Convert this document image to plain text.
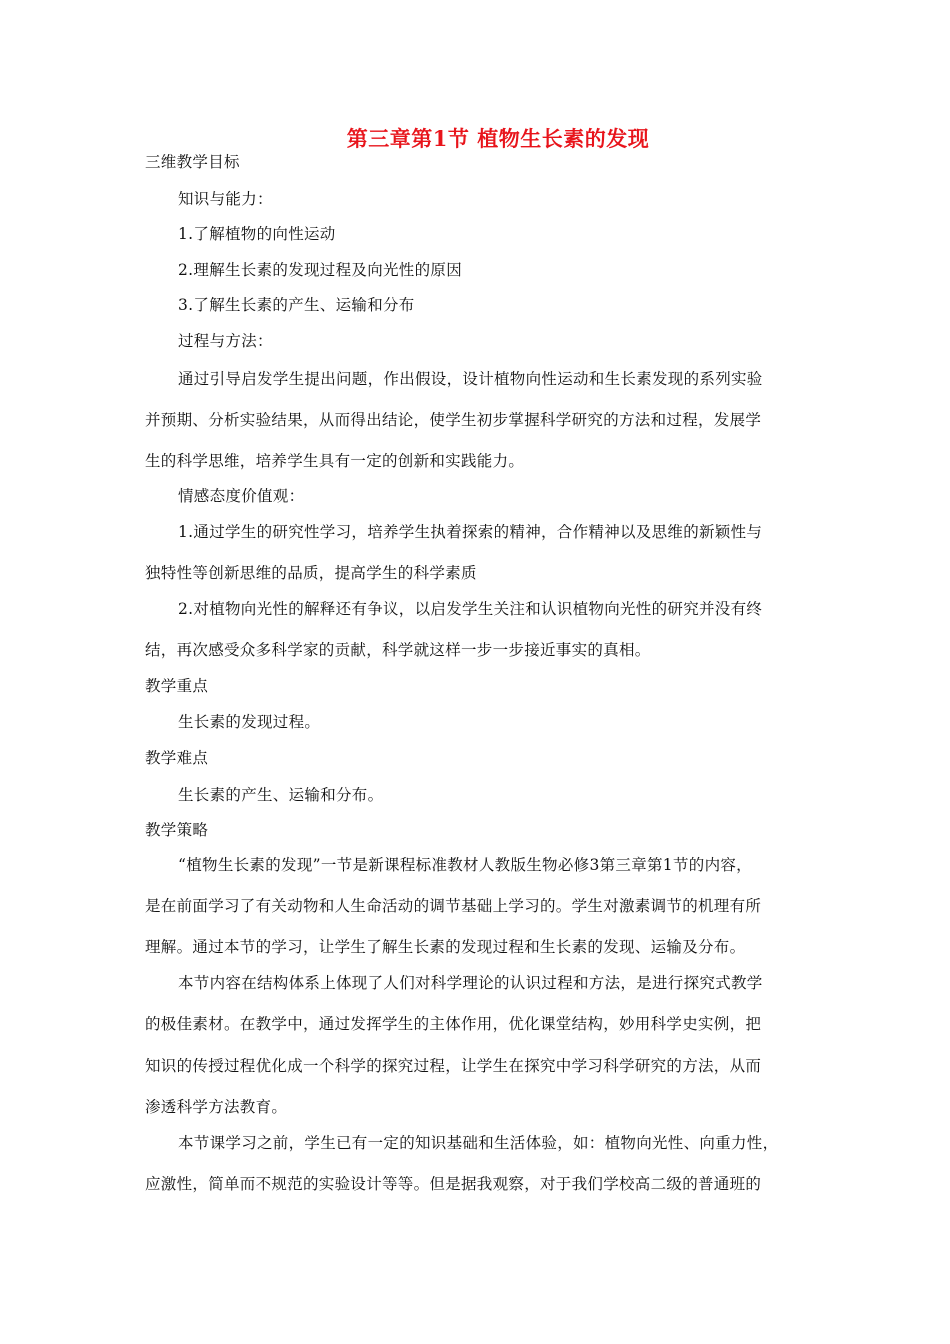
第三章第1节 植物生长素的发现
三维教学目标
知识与能力：
1.了解植物的向性运动
2.理解生长素的发现过程及向光性的原因
3.了解生长素的产生、运输和分布
过程与方法：
通过引导启发学生提出问题，作出假设，设计植物向性运动和生长素发现的系列实验
并预期、分析实验结果，从而得出结论，使学生初步掌握科学研究的方法和过程，发展学
生的科学思维，培养学生具有一定的创新和实践能力。
情感态度价值观：
1.通过学生的研究性学习，培养学生执着探索的精神，合作精神以及思维的新颖性与
独特性等创新思维的品质，提高学生的科学素质
2.对植物向光性的解释还有争议，以启发学生关注和认识植物向光性的研究并没有终
结，再次感受众多科学家的贡献，科学就这样一步一步接近事实的真相。
教学重点
生长素的发现过程。
教学难点
生长素的产生、运输和分布。
教学策略
“植物生长素的发现”一节是新课程标准教材人教版生物必修3第三章第1节的内容，
是在前面学习了有关动物和人生命活动的调节基础上学习的。学生对激素调节的机理有所
理解。通过本节的学习，让学生了解生长素的发现过程和生长素的发现、运输及分布。
本节内容在结构体系上体现了人们对科学理论的认识过程和方法，是进行探究式教学
的极佳素材。在教学中，通过发挥学生的主体作用，优化课堂结构，妙用科学史实例，把
知识的传授过程优化成一个科学的探究过程，让学生在探究中学习科学研究的方法，从而
渗透科学方法教育。
本节课学习之前，学生已有一定的知识基础和生活体验，如：植物向光性、向重力性，
应激性，简单而不规范的实验设计等等。但是据我观察，对于我们学校高二级的普通班的
